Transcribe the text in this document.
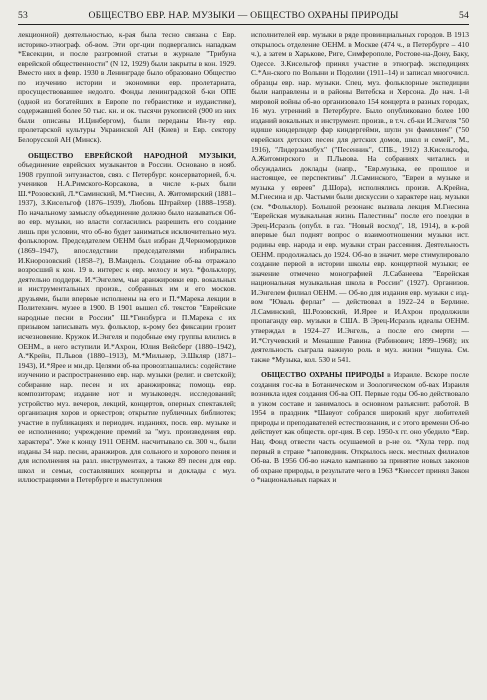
53	ОБЩЕСТВО ЕВР. НАР. МУЗЫКИ — ОБЩЕСТВО ОХРАНЫ ПРИРОДЫ	54

лекционной) деятельностью, к-рая была тесно связана с Евр. историко-этнограф. об-вом. Эти орг-ции подвергались нападкам *Евсекции, и после разгромной статьи в журнале "Трибуна еврейской общественности" (N 12, 1929) были закрыты в кон. 1929. Вместо них в февр. 1930 в Ленинграде было образовано Общество по изучению истории и экономики евр. пролетариата, просуществовавшее недолго. Фонды ленинградской б-ки ОПЕ (одной из богатейших в Европе по гебраистике и иудаистике), содержавшей более 50 тыс. кн. и ок. тысячи рукописей (900 из них были описаны И.Цинбергом), были переданы Ин-ту евр. пролетарской культуры Украинской АН (Киев) и Евр. сектору Белорусской АН (Минск).

ОБЩЕСТВО ЕВРЕЙСКОЙ НАРОДНОЙ МУЗЫКИ, объединение еврейских музыкантов в России. Основано в нояб. 1908 группой энтузиастов, связ. с Петербург. консерваторией, б.ч. учеников Н.А.Римского-Корсакова, в числе к-рых были Ш.*Розовский, Л.*Саминский, М.*Гнесин, А. Житомирский (1881–1937), З.Кисельгоф (1876–1939), Любовь Штрайхер (1888–1958). По начальному замыслу объединение должно было называться Об-во евр. музыки, но власти согласились разрешить его создание лишь при условии, что об-во будет заниматься исключительно муз. фольклором. Председателем ОЕНМ был избран Д.Черномордиков (1869–1947), впоследствии председателями избирались И.Кнорозовский (1858–?), В.Мандель. Создание об-ва отражало возросший к кон. 19 в. интерес к евр. мелосу и муз. *фольклору, деятельно поддерж. И.*Энгелем, чьи аранжировки евр. вокальных и инструментальных произв., собранных им и его москов. друзьями, были впервые исполнены на его и П.*Марека лекции в Политехнич. музее в 1900. В 1901 вышел сб. текстов "Еврейские народные песни в России" Ш.*Гинзбурга и П.Марека с их призывом записывать муз. фольклор, к-рому без фиксации грозит исчезновение. Кружок И.Энгеля и подобные ему группы влились в ОЕНМ., в него вступили И.*Ахрон, Юлия Вейсберг (1880–1942), А.*Крейн, П.Львов (1880–1913), М.*Мильнер, Э.Шкляр (1871–1943), И.*Ярее и мн.др. Целями об-ва провозглашались: содействие изучению и распространению евр. нар. музыки (религ. и светской); собирание нар. песен и их аранжировка; помощь евр. композиторам; издание нот и музыковедч. исследований; устройство муз. вечеров, лекций, концертов, оперных спектаклей; организация хоров и оркестров; открытие публичных библиотек; участие в публикациях и периодич. изданиях, посв. евр. музыке и ее исполнению; учреждение премий за "муз. произведения евр. характера". Уже к концу 1911 ОЕНМ. насчитывало св. 300 ч., были изданы 34 нар. песни, аранжиров. для сольного и хорового пения и для исполнения на разл. инструментах, а также 89 песен для евр. школ и семьи, составлявших концерты и доклады с муз. иллюстрациями в Петербурге и выступления

исполнителей евр. музыки в ряде провинциальных городов. В 1913 открылось отделение ОЕНМ. в Москве (474 ч., в Петербурге – 410 ч.), а затем в Харькове, Риге, Симферополе, Ростове-на-Дону, Баку, Одессе. З.Кисельгоф принял участие в этнограф. экспедициях С.*Ан-ского по Волыни и Подолии (1911–14) и записал многочисл. образцы евр. нар. музыки. Спец. муз. фольклорные экспедиции были направлены и в районы Витебска и Херсона. До нач. 1-й мировой войны об-во организовало 154 концерта в разных городах, 16 муз. утренний в Петербурге. Было опубликовано более 100 изданий вокальных и инструмент. произв., в т.ч. сб-ки И.Энгеля "50 идише киндерлидер фар киндергейми, шулн ун фамилиен" ("50 еврейских детских песен для детских домов, школ и семей", М., 1916), "Лидерзамлбух" ("Песенник", СПБ., 1912) З.Кисельгофа, А.Житомирского и П.Львова. На собраниях читались и обсуждались доклады (напр., "Евр.музыка, ее прошлое и настоящее, ее перспективы" Л.Саминского, "Евреи в музыке и музыка у евреев" Д.Шора), исполнялись произв. А.Крейна, М.Гнесина и др. Частыми были дискуссии о характере нац. музыки (см. *Фольклор). Большой резонанс вызвала лекция М.Гнесина "Еврейская музыкальная жизнь Палестины" после его поездки в Эрец-Исраэль (опубл. в газ. "Новый восход", 18, 1914), в к-рой впервые был поднят вопрос о взаимоотношении музыки ист. родины евр. народа и евр. музыки стран рассеяния. Деятельность ОЕНМ. продолжалась до 1924. Об-во в значит. мере стимулировало создание первой в истории школы евр. концертной музыки; ее значение отмечено монографией Л.Сабанеева "Еврейская национальная музыкальная школа в России" (1927). Организов. И.Энгелем филиал ОЕНМ. — Об-во для издания евр. музыки с изд-вом "Юваль ферлаг" — действовал в 1922–24 в Берлине. Л.Саминский, Ш.Розовский, И.Ярее и И.Ахрон продолжили пропаганду евр. музыки в США. В Эрец-Исраэль идеалы ОЕНМ. утверждал в 1924–27 И.Энгель, а после его смерти — И.*Стучевский и Менашше Равина (Рабинович; 1899–1968); их деятельность сыграла важную роль в муз. жизни *ишува. См. также *Музыка, кол. 530 и 541.

ОБЩЕСТВО ОХРАНЫ ПРИРОДЫ в Израиле. Вскоре после создания гос-ва в Ботаническом и Зоологическом об-вах Израиля возникла идея создания Об-ва ОП. Первые годы Об-во действовало в узком составе и занималось в основном разъяснит. работой. В 1954 в праздник *Шавуот собрался широкий круг любителей природы и преподавателей естествознания, и с этого времени Об-во действует как обществ. орг-ция. В сер. 1950-х гг. оно убедило *Евр. Нац. Фонд отвести часть осушаемой в р-не оз. *Хула терр. под первый в стране *заповедник. Открылось неск. местных филиалов Об-ва. В 1956 Об-во начало кампанию за принятие новых законов об охране природы, в результате чего в 1963 *Кнессет принял Закон о *национальных парках и
